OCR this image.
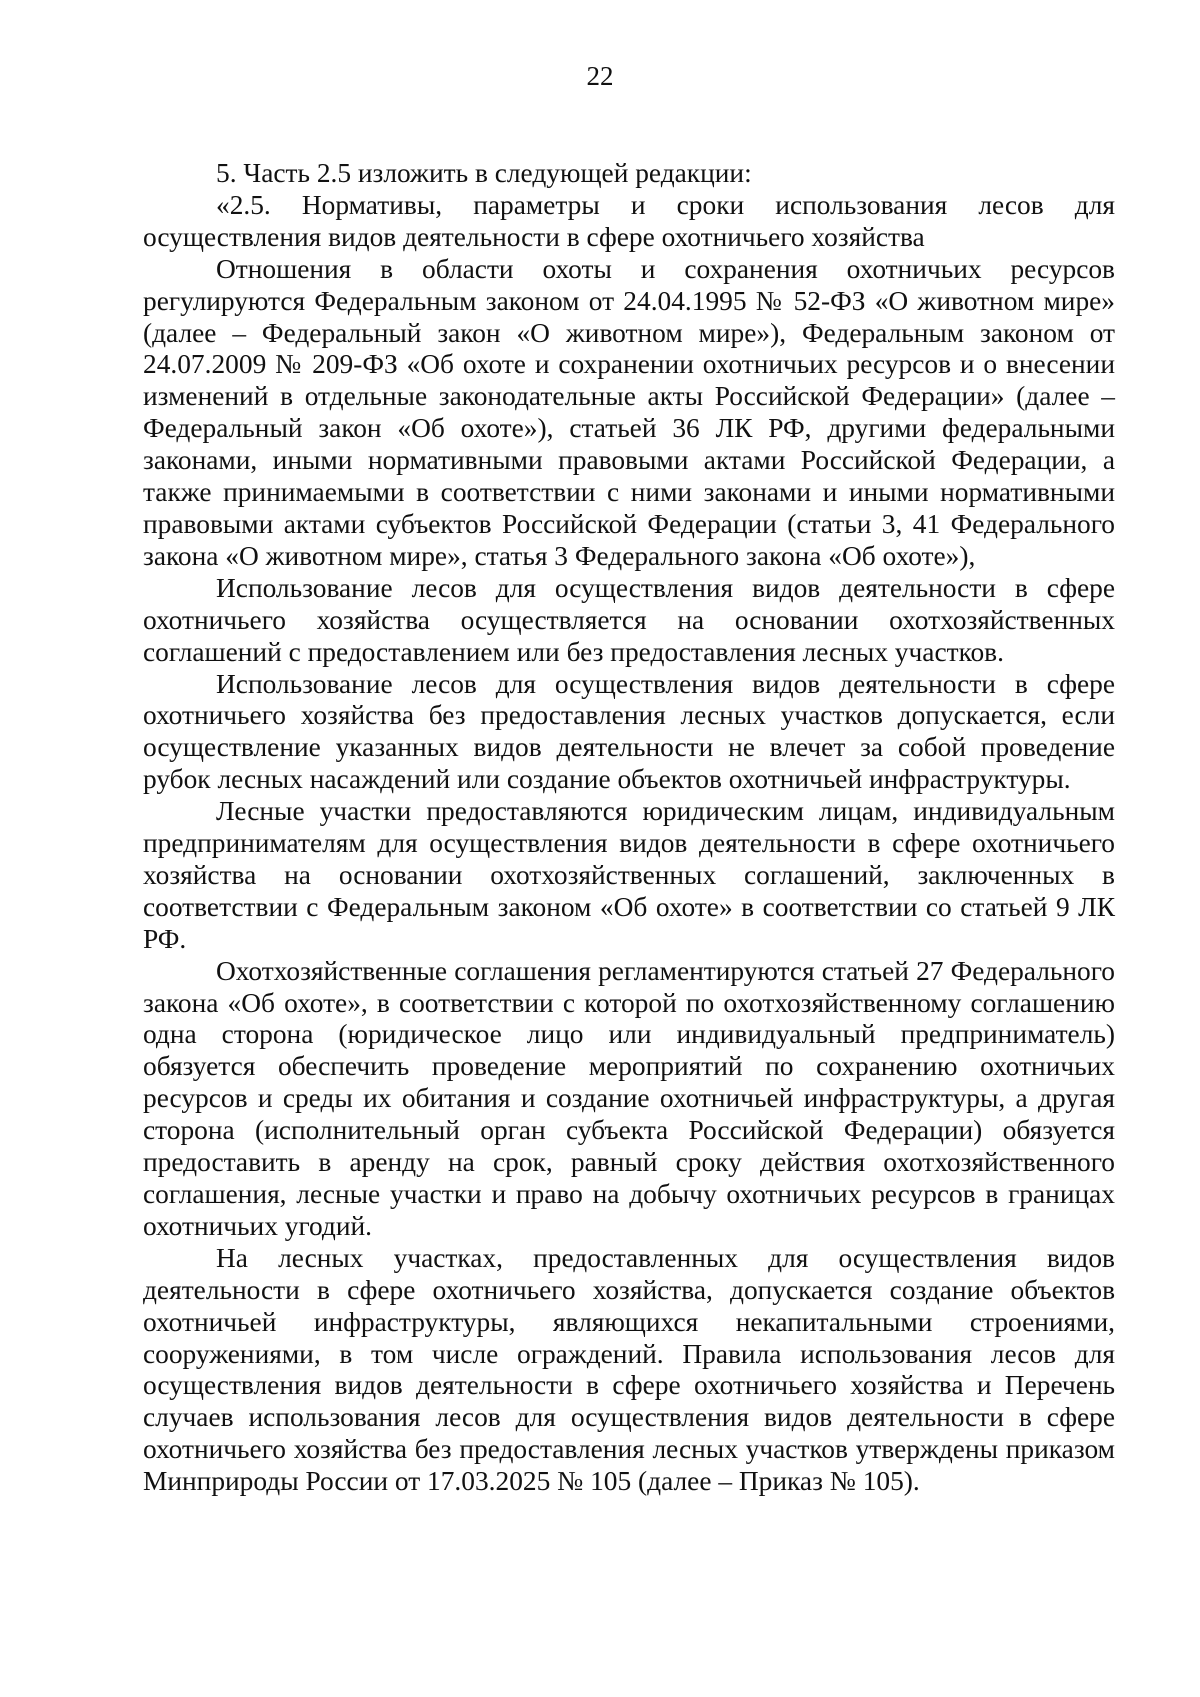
22

5. Часть 2.5 изложить в следующей редакции:

«2.5. Нормативы, параметры и сроки использования лесов для осуществления видов деятельности в сфере охотничьего хозяйства

Отношения в области охоты и сохранения охотничьих ресурсов регулируются Федеральным законом от 24.04.1995 № 52-ФЗ «О животном мире» (далее – Федеральный закон «О животном мире»), Федеральным законом от 24.07.2009 № 209-ФЗ «Об охоте и сохранении охотничьих ресурсов и о внесении изменений в отдельные законодательные акты Российской Федерации» (далее – Федеральный закон «Об охоте»), статьей 36 ЛК РФ, другими федеральными законами, иными нормативными правовыми актами Российской Федерации, а также принимаемыми в соответствии с ними законами и иными нормативными правовыми актами субъектов Российской Федерации (статьи 3, 41 Федерального закона «О животном мире», статья 3 Федерального закона «Об охоте»),

Использование лесов для осуществления видов деятельности в сфере охотничьего хозяйства осуществляется на основании охотхозяйственных соглашений с предоставлением или без предоставления лесных участков.

Использование лесов для осуществления видов деятельности в сфере охотничьего хозяйства без предоставления лесных участков допускается, если осуществление указанных видов деятельности не влечет за собой проведение рубок лесных насаждений или создание объектов охотничьей инфраструктуры.

Лесные участки предоставляются юридическим лицам, индивидуальным предпринимателям для осуществления видов деятельности в сфере охотничьего хозяйства на основании охотхозяйственных соглашений, заключенных в соответствии с Федеральным законом «Об охоте» в соответствии со статьей 9 ЛК РФ.

Охотхозяйственные соглашения регламентируются статьей 27 Федерального закона «Об охоте», в соответствии с которой по охотхозяйственному соглашению одна сторона (юридическое лицо или индивидуальный предприниматель) обязуется обеспечить проведение мероприятий по сохранению охотничьих ресурсов и среды их обитания и создание охотничьей инфраструктуры, а другая сторона (исполнительный орган субъекта Российской Федерации) обязуется предоставить в аренду на срок, равный сроку действия охотхозяйственного соглашения, лесные участки и право на добычу охотничьих ресурсов в границах охотничьих угодий.

На лесных участках, предоставленных для осуществления видов деятельности в сфере охотничьего хозяйства, допускается создание объектов охотничьей инфраструктуры, являющихся некапитальными строениями, сооружениями, в том числе ограждений. Правила использования лесов для осуществления видов деятельности в сфере охотничьего хозяйства и Перечень случаев использования лесов для осуществления видов деятельности в сфере охотничьего хозяйства без предоставления лесных участков утверждены приказом Минприроды России от 17.03.2025 № 105 (далее – Приказ № 105).
